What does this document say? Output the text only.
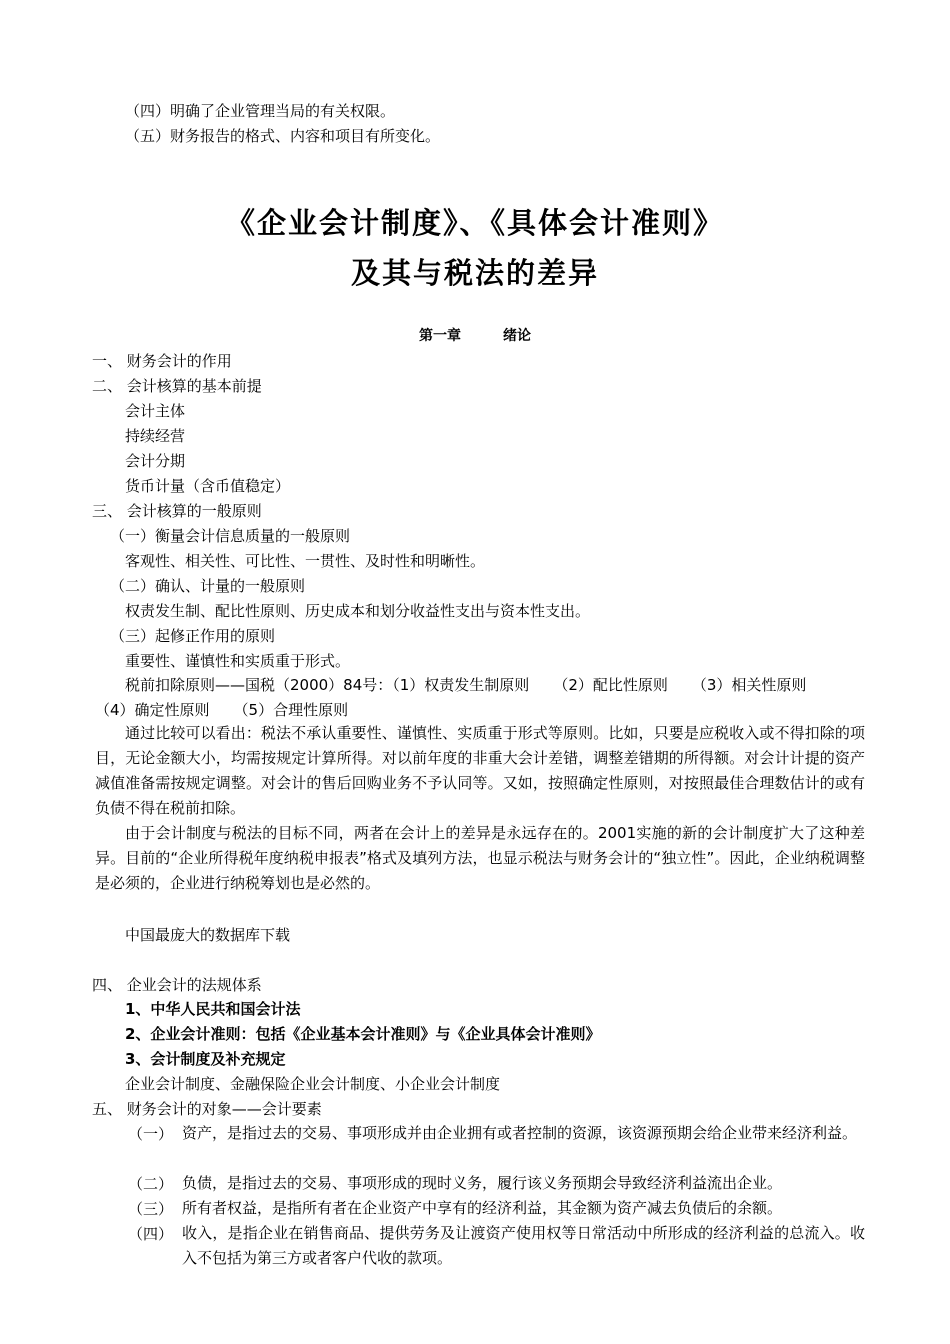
（四）明确了企业管理当局的有关权限。
（五）财务报告的格式、内容和项目有所变化。
《企业会计制度》、《具体会计准则》
及其与税法的差异
第一章　　　绪论
一、 财务会计的作用
二、 会计核算的基本前提
会计主体
持续经营
会计分期
货币计量（含币值稳定）
三、 会计核算的一般原则
（一）衡量会计信息质量的一般原则
客观性、相关性、可比性、一贯性、及时性和明晰性。
（二）确认、计量的一般原则
权责发生制、配比性原则、历史成本和划分收益性支出与资本性支出。
（三）起修正作用的原则
重要性、谨慎性和实质重于形式。
税前扣除原则——国税（2000）84号：（1）权责发生制原则 （2）配比性原则 （3）相关性原则
（4）确定性原则 （5）合理性原则
通过比较可以看出：税法不承认重要性、谨慎性、实质重于形式等原则。比如，只要是应税收入或不得扣除的项目，无论金额大小，均需按规定计算所得。对以前年度的非重大会计差错，调整差错期的所得额。对会计计提的资产减值准备需按规定调整。对会计的售后回购业务不予认同等。又如，按照确定性原则，对按照最佳合理数估计的或有负债不得在税前扣除。
由于会计制度与税法的目标不同，两者在会计上的差异是永远存在的。2001实施的新的会计制度扩大了这种差异。目前的“企业所得税年度纳税申报表”格式及填列方法，也显示税法与财务会计的“独立性”。因此，企业纳税调整是必须的，企业进行纳税筹划也是必然的。
中国最庞大的数据库下载
四、 企业会计的法规体系
1、中华人民共和国会计法
2、企业会计准则：包括《企业基本会计准则》与《企业具体会计准则》
3、会计制度及补充规定
企业会计制度、金融保险企业会计制度、小企业会计制度
五、 财务会计的对象——会计要素
（一） 资产，是指过去的交易、事项形成并由企业拥有或者控制的资源，该资源预期会给企业带来经济利益。
（二） 负债，是指过去的交易、事项形成的现时义务，履行该义务预期会导致经济利益流出企业。
（三） 所有者权益，是指所有者在企业资产中享有的经济利益，其金额为资产减去负债后的余额。
（四） 收入，是指企业在销售商品、提供劳务及让渡资产使用权等日常活动中所形成的经济利益的总流入。收入不包括为第三方或者客户代收的款项。
